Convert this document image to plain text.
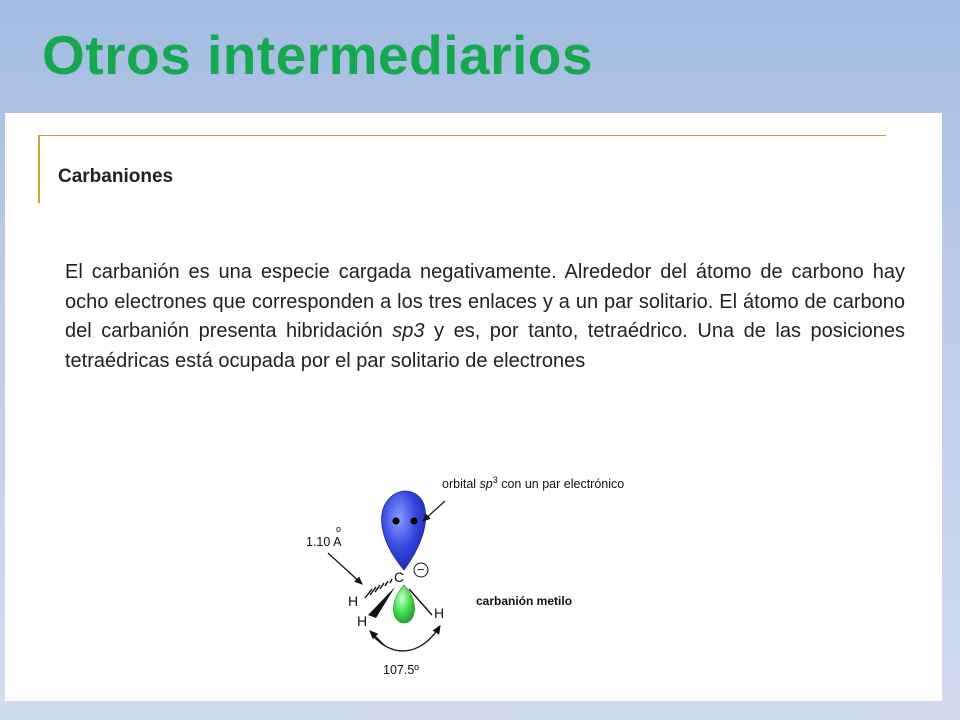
Otros intermediarios
Carbaniones
El carbanión es una especie cargada negativamente. Alrededor del átomo de carbono hay ocho electrones que corresponden a los tres enlaces y a un par solitario. El átomo de carbono del carbanión presenta hibridación sp3 y es, por tanto, tetraédrico. Una de las posiciones tetraédricas está ocupada por el par solitario de electrones
orbital $sp^3$ con un par electrónico
o
1.10 A
C −
H
H	H
107.5º
carbanión metilo
